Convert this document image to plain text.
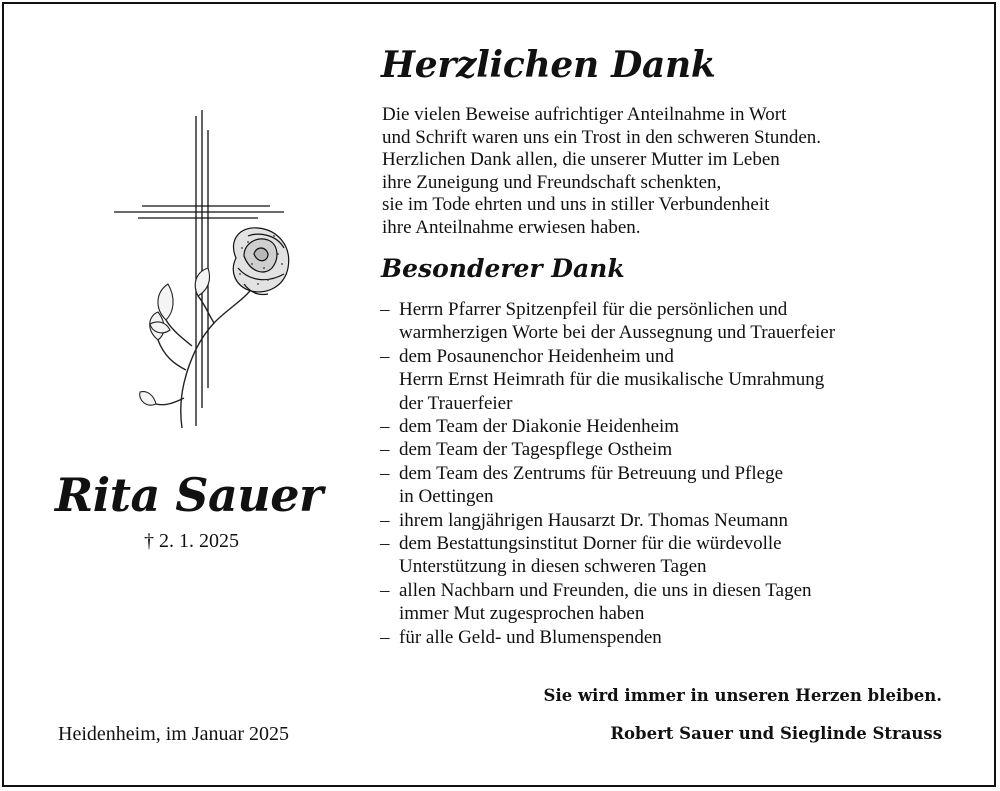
Rita Sauer
† 2. 1. 2025
Heidenheim, im Januar 2025
Herzlichen Dank
Die vielen Beweise aufrichtiger Anteilnahme in Wort
und Schrift waren uns ein Trost in den schweren Stunden.
Herzlichen Dank allen, die unserer Mutter im Leben
ihre Zuneigung und Freundschaft schenkten,
sie im Tode ehrten und uns in stiller Verbundenheit
ihre Anteilnahme erwiesen haben.
Besonderer Dank
– Herrn Pfarrer Spitzenpfeil für die persönlichen und
warmherzigen Worte bei der Aussegnung und Trauerfeier
– dem Posaunenchor Heidenheim und
Herrn Ernst Heimrath für die musikalische Umrahmung
der Trauerfeier
– dem Team der Diakonie Heidenheim
– dem Team der Tagespflege Ostheim
– dem Team des Zentrums für Betreuung und Pflege
in Oettingen
– ihrem langjährigen Hausarzt Dr. Thomas Neumann
– dem Bestattungsinstitut Dorner für die würdevolle
Unterstützung in diesen schweren Tagen
– allen Nachbarn und Freunden, die uns in diesen Tagen
immer Mut zugesprochen haben
– für alle Geld- und Blumenspenden
Sie wird immer in unseren Herzen bleiben.
Robert Sauer und Sieglinde Strauss
